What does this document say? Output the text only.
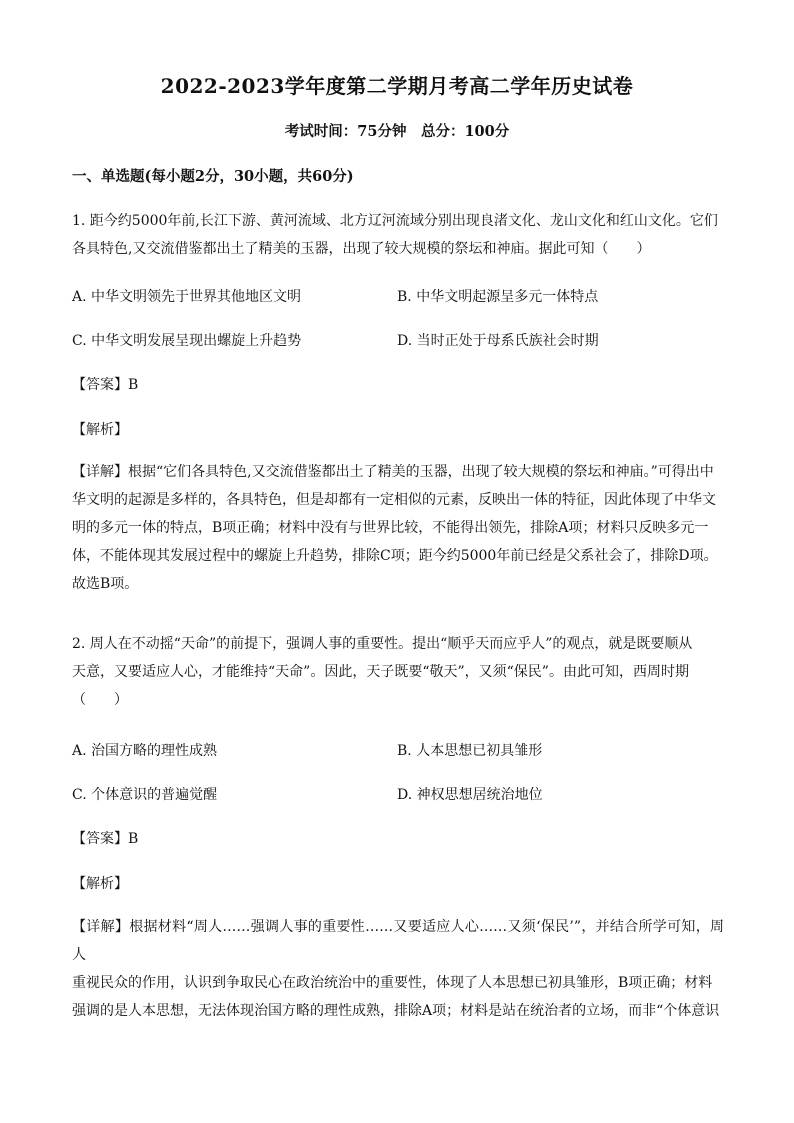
2022-2023学年度第二学期月考高二学年历史试卷
考试时间：75分钟　总分：100分
一、单选题(每小题2分，30小题，共60分)
1. 距今约5000年前,长江下游、黄河流域、北方辽河流域分别出现良渚文化、龙山文化和红山文化。它们
各具特色,又交流借鉴都出土了精美的玉器，出现了较大规模的祭坛和神庙。据此可知（　　）
A. 中华文明领先于世界其他地区文明	B. 中华文明起源呈多元一体特点
C. 中华文明发展呈现出螺旋上升趋势	D. 当时正处于母系氏族社会时期
【答案】B
【解析】
【详解】根据“它们各具特色,又交流借鉴都出土了精美的玉器，出现了较大规模的祭坛和神庙。”可得出中
华文明的起源是多样的，各具特色，但是却都有一定相似的元素，反映出一体的特征，因此体现了中华文
明的多元一体的特点，B项正确；材料中没有与世界比较，不能得出领先，排除A项；材料只反映多元一
体，不能体现其发展过程中的螺旋上升趋势，排除C项；距今约5000年前已经是父系社会了，排除D项。
故选B项。
2. 周人在不动摇“天命”的前提下，强调人事的重要性。提出“顺乎天而应乎人”的观点，就是既要顺从
天意，又要适应人心，才能维持“天命”。因此，天子既要“敬天”，又须“保民”。由此可知，西周时期
（　　）
A. 治国方略的理性成熟	B. 人本思想已初具雏形
C. 个体意识的普遍觉醒	D. 神权思想居统治地位
【答案】B
【解析】
【详解】根据材料“周人……强调人事的重要性……又要适应人心……又须‘保民’”，并结合所学可知，周人
重视民众的作用，认识到争取民心在政治统治中的重要性，体现了人本思想已初具雏形，B项正确；材料
强调的是人本思想，无法体现治国方略的理性成熟，排除A项；材料是站在统治者的立场，而非“个体意识
